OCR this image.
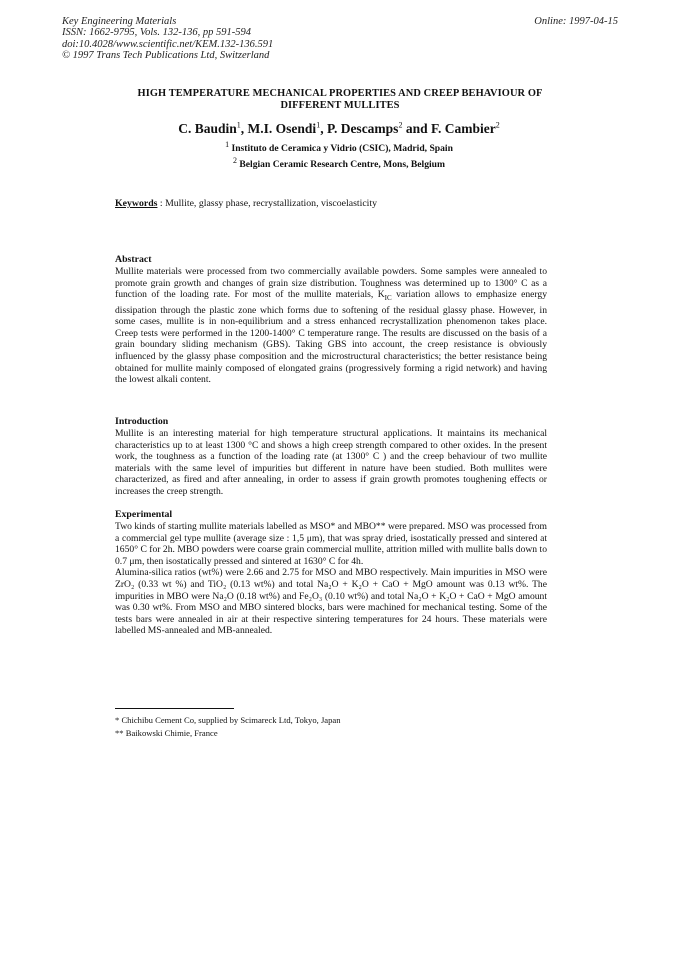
Key Engineering Materials
ISSN: 1662-9795, Vols. 132-136, pp 591-594
doi:10.4028/www.scientific.net/KEM.132-136.591
© 1997 Trans Tech Publications Ltd, Switzerland
Online: 1997-04-15
HIGH TEMPERATURE MECHANICAL PROPERTIES AND CREEP BEHAVIOUR OF
DIFFERENT MULLITES
C. Baudin$^1$, M.I. Osendi$^1$, P. Descamps$^2$ and F. Cambier$^2$
$^1$ Instituto de Ceramica y Vidrio (CSIC), Madrid, Spain
$^2$ Belgian Ceramic Research Centre, Mons, Belgium
Keywords : Mullite, glassy phase, recrystallization, viscoelasticity
Abstract

Mullite materials were processed from two commercially available powders. Some samples were annealed to promote grain growth and changes of grain size distribution. Toughness was determined up to 1300° C as a function of the loading rate. For most of the mullite materials, $K_{IC}$ variation allows to emphasize energy dissipation through the plastic zone which forms due to softening of the residual glassy phase. However, in some cases, mullite is in non-equilibrium and a stress enhanced recrystallization phenomenon takes place. Creep tests were performed in the 1200-1400° C temperature range. The results are discussed on the basis of a grain boundary sliding mechanism (GBS). Taking GBS into account, the creep resistance is obviously influenced by the glassy phase composition and the microstructural characteristics; the better resistance being obtained for mullite mainly composed of elongated grains (progressively forming a rigid network) and having the lowest alkali content.

Introduction

Mullite is an interesting material for high temperature structural applications. It maintains its mechanical characteristics up to at least 1300 °C and shows a high creep strength compared to other oxides. In the present work, the toughness as a function of the loading rate (at 1300° C ) and the creep behaviour of two mullite materials with the same level of impurities but different in nature have been studied. Both mullites were characterized, as fired and after annealing, in order to assess if grain growth promotes toughening effects or increases the creep strength.

Experimental

Two kinds of starting mullite materials labelled as MSO* and MBO** were prepared. MSO was processed from a commercial gel type mullite (average size : 1,5 μm), that was spray dried, isostatically pressed and sintered at 1650° C for 2h. MBO powders were coarse grain commercial mullite, attrition milled with mullite balls down to 0.7 μm, then isostatically pressed and sintered at 1630° C for 4h.

Alumina-silica ratios (wt%) were 2.66 and 2.75 for MSO and MBO respectively. Main impurities in MSO were ZrO₂ (0.33 wt %) and TiO₂ (0.13 wt%) and total Na₂O + K₂O + CaO + MgO amount was 0.13 wt%. The impurities in MBO were Na₂O (0.18 wt%) and Fe₂O₃ (0.10 wt%) and total Na₂O + K₂O + CaO + MgO amount was 0.30 wt%. From MSO and MBO sintered blocks, bars were machined for mechanical testing. Some of the tests bars were annealed in air at their respective sintering temperatures for 24 hours. These materials were labelled MS-annealed and MB-annealed.

* Chichibu Cement Co, supplied by Scimareck Ltd, Tokyo, Japan
** Baikowski Chimie, France
